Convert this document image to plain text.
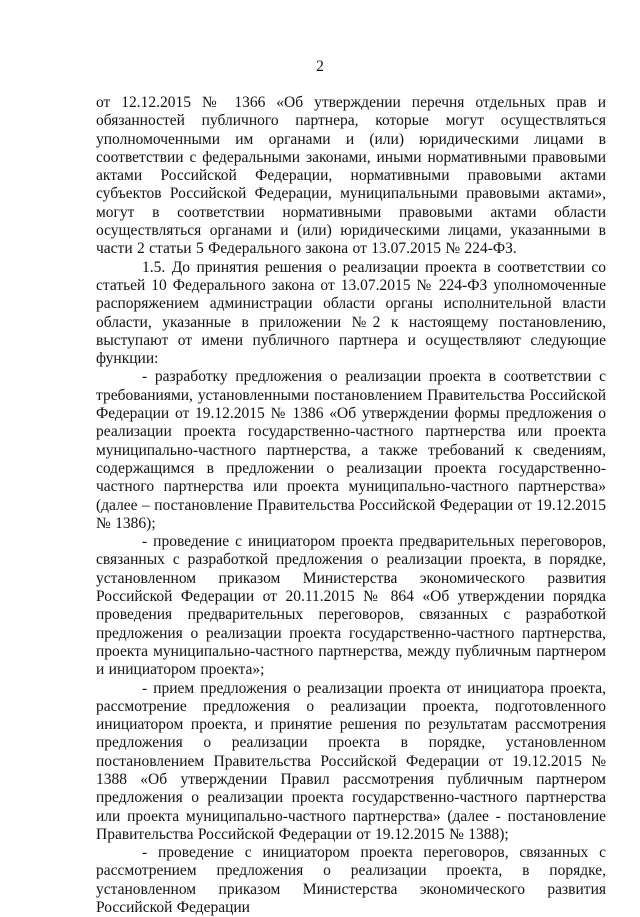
2

от 12.12.2015 № 1366 «Об утверждении перечня отдельных прав и обязанностей публичного партнера, которые могут осуществляться уполномоченными им органами и (или) юридическими лицами в соответствии с федеральными законами, иными нормативными правовыми актами Российской Федерации, нормативными правовыми актами субъектов Российской Федерации, муниципальными правовыми актами», могут в соответствии нормативными правовыми актами области осуществляться органами и (или) юридическими лицами, указанными в части 2 статьи 5 Федерального закона от 13.07.2015 № 224-ФЗ.

1.5. До принятия решения о реализации проекта в соответствии со статьей 10 Федерального закона от 13.07.2015 № 224-ФЗ уполномоченные распоряжением администрации области органы исполнительной власти области, указанные в приложении №2 к настоящему постановлению, выступают от имени публичного партнера и осуществляют следующие функции:

- разработку предложения о реализации проекта в соответствии с требованиями, установленными постановлением Правительства Российской Федерации от 19.12.2015 № 1386 «Об утверждении формы предложения о реализации проекта государственно-частного партнерства или проекта муниципально-частного партнерства, а также требований к сведениям, содержащимся в предложении о реализации проекта государственно-частного партнерства или проекта муниципально-частного партнерства» (далее – постановление Правительства Российской Федерации от 19.12.2015 № 1386);

- проведение с инициатором проекта предварительных переговоров, связанных с разработкой предложения о реализации проекта, в порядке, установленном приказом Министерства экономического развития Российской Федерации от 20.11.2015 № 864 «Об утверждении порядка проведения предварительных переговоров, связанных с разработкой предложения о реализации проекта государственно-частного партнерства, проекта муниципально-частного партнерства, между публичным партнером и инициатором проекта»;

- прием предложения о реализации проекта от инициатора проекта, рассмотрение предложения о реализации проекта, подготовленного инициатором проекта, и принятие решения по результатам рассмотрения предложения о реализации проекта в порядке, установленном постановлением Правительства Российской Федерации от 19.12.2015 № 1388 «Об утверждении Правил рассмотрения публичным партнером предложения о реализации проекта государственно-частного партнерства или проекта муниципально-частного партнерства» (далее - постановление Правительства Российской Федерации от 19.12.2015 № 1388);

- проведение с инициатором проекта переговоров, связанных с рассмотрением предложения о реализации проекта, в порядке, установленном приказом Министерства экономического развития Российской Федерации
